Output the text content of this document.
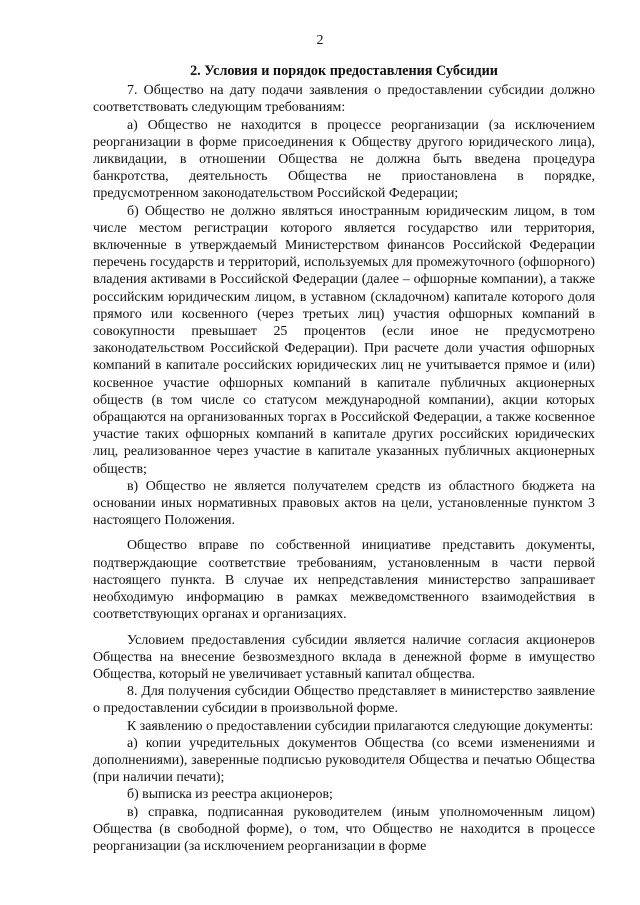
2

2. Условия и порядок предоставления Субсидии

7. Общество на дату подачи заявления о предоставлении субсидии должно соответствовать следующим требованиям:

а) Общество не находится в процессе реорганизации (за исключением реорганизации в форме присоединения к Обществу другого юридического лица), ликвидации, в отношении Общества не должна быть введена процедура банкротства, деятельность Общества не приостановлена в порядке, предусмотренном законодательством Российской Федерации;

б) Общество не должно являться иностранным юридическим лицом, в том числе местом регистрации которого является государство или территория, включенные в утверждаемый Министерством финансов Российской Федерации перечень государств и территорий, используемых для промежуточного (офшорного) владения активами в Российской Федерации (далее – офшорные компании), а также российским юридическим лицом, в уставном (складочном) капитале которого доля прямого или косвенного (через третьих лиц) участия офшорных компаний в совокупности превышает 25 процентов (если иное не предусмотрено законодательством Российской Федерации). При расчете доли участия офшорных компаний в капитале российских юридических лиц не учитывается прямое и (или) косвенное участие офшорных компаний в капитале публичных акционерных обществ (в том числе со статусом международной компании), акции которых обращаются на организованных торгах в Российской Федерации, а также косвенное участие таких офшорных компаний в капитале других российских юридических лиц, реализованное через участие в капитале указанных публичных акционерных обществ;

в) Общество не является получателем средств из областного бюджета на основании иных нормативных правовых актов на цели, установленные пунктом 3 настоящего Положения.

Общество вправе по собственной инициативе представить документы, подтверждающие соответствие требованиям, установленным в части первой настоящего пункта. В случае их непредставления министерство запрашивает необходимую информацию в рамках межведомственного взаимодействия в соответствующих органах и организациях.

Условием предоставления субсидии является наличие согласия акционеров Общества на внесение безвозмездного вклада в денежной форме в имущество Общества, который не увеличивает уставный капитал общества.

8. Для получения субсидии Общество представляет в министерство заявление о предоставлении субсидии в произвольной форме.

К заявлению о предоставлении субсидии прилагаются следующие документы:

а) копии учредительных документов Общества (со всеми изменениями и дополнениями), заверенные подписью руководителя Общества и печатью Общества (при наличии печати);

б) выписка из реестра акционеров;

в) справка, подписанная руководителем (иным уполномоченным лицом) Общества (в свободной форме), о том, что Общество не находится в процессе реорганизации (за исключением реорганизации в форме
